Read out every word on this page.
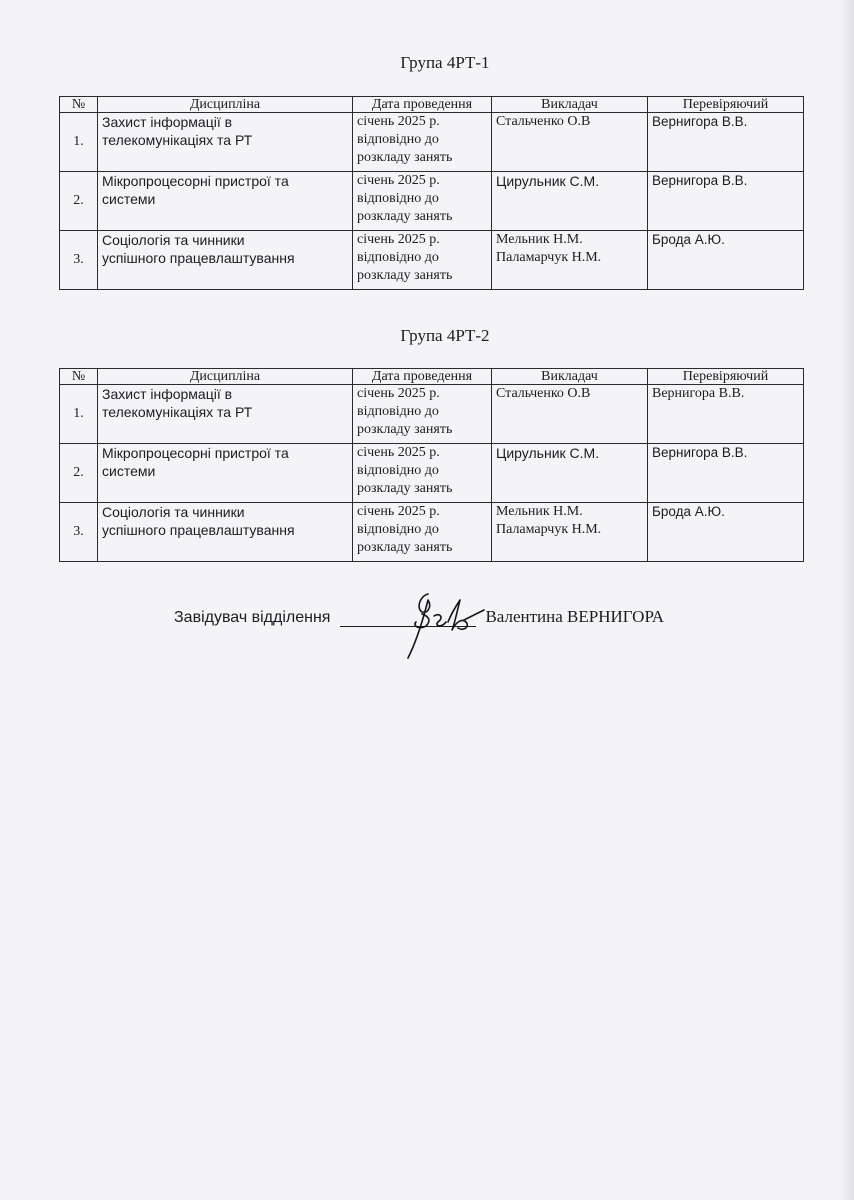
Група 4РТ-1
№	Дисципліна	Дата проведення	Викладач	Перевіряючий
1.	Захист інформації в
телекомунікаціях та РТ	січень 2025 р.
відповідно до
розкладу занять	Стальченко О.В	Вернигора В.В.
2.	Мікропроцесорні пристрої та
системи	січень 2025 р.
відповідно до
розкладу занять	Цирульник С.М.	Вернигора В.В.
3.	Соціологія та чинники
успішного працевлаштування	січень 2025 р.
відповідно до
розкладу занять	Мельник Н.М.
Паламарчук Н.М.	Брода А.Ю.
Група 4РТ-2
№	Дисципліна	Дата проведення	Викладач	Перевіряючий
1.	Захист інформації в
телекомунікаціях та РТ	січень 2025 р.
відповідно до
розкладу занять	Стальченко О.В	Вернигора В.В.
2.	Мікропроцесорні пристрої та
системи	січень 2025 р.
відповідно до
розкладу занять	Цирульник С.М.	Вернигора В.В.
3.	Соціологія та чинники
успішного працевлаштування	січень 2025 р.
відповідно до
розкладу занять	Мельник Н.М.
Паламарчук Н.М.	Брода А.Ю.
Завідувач відділення	Валентина ВЕРНИГОРА
